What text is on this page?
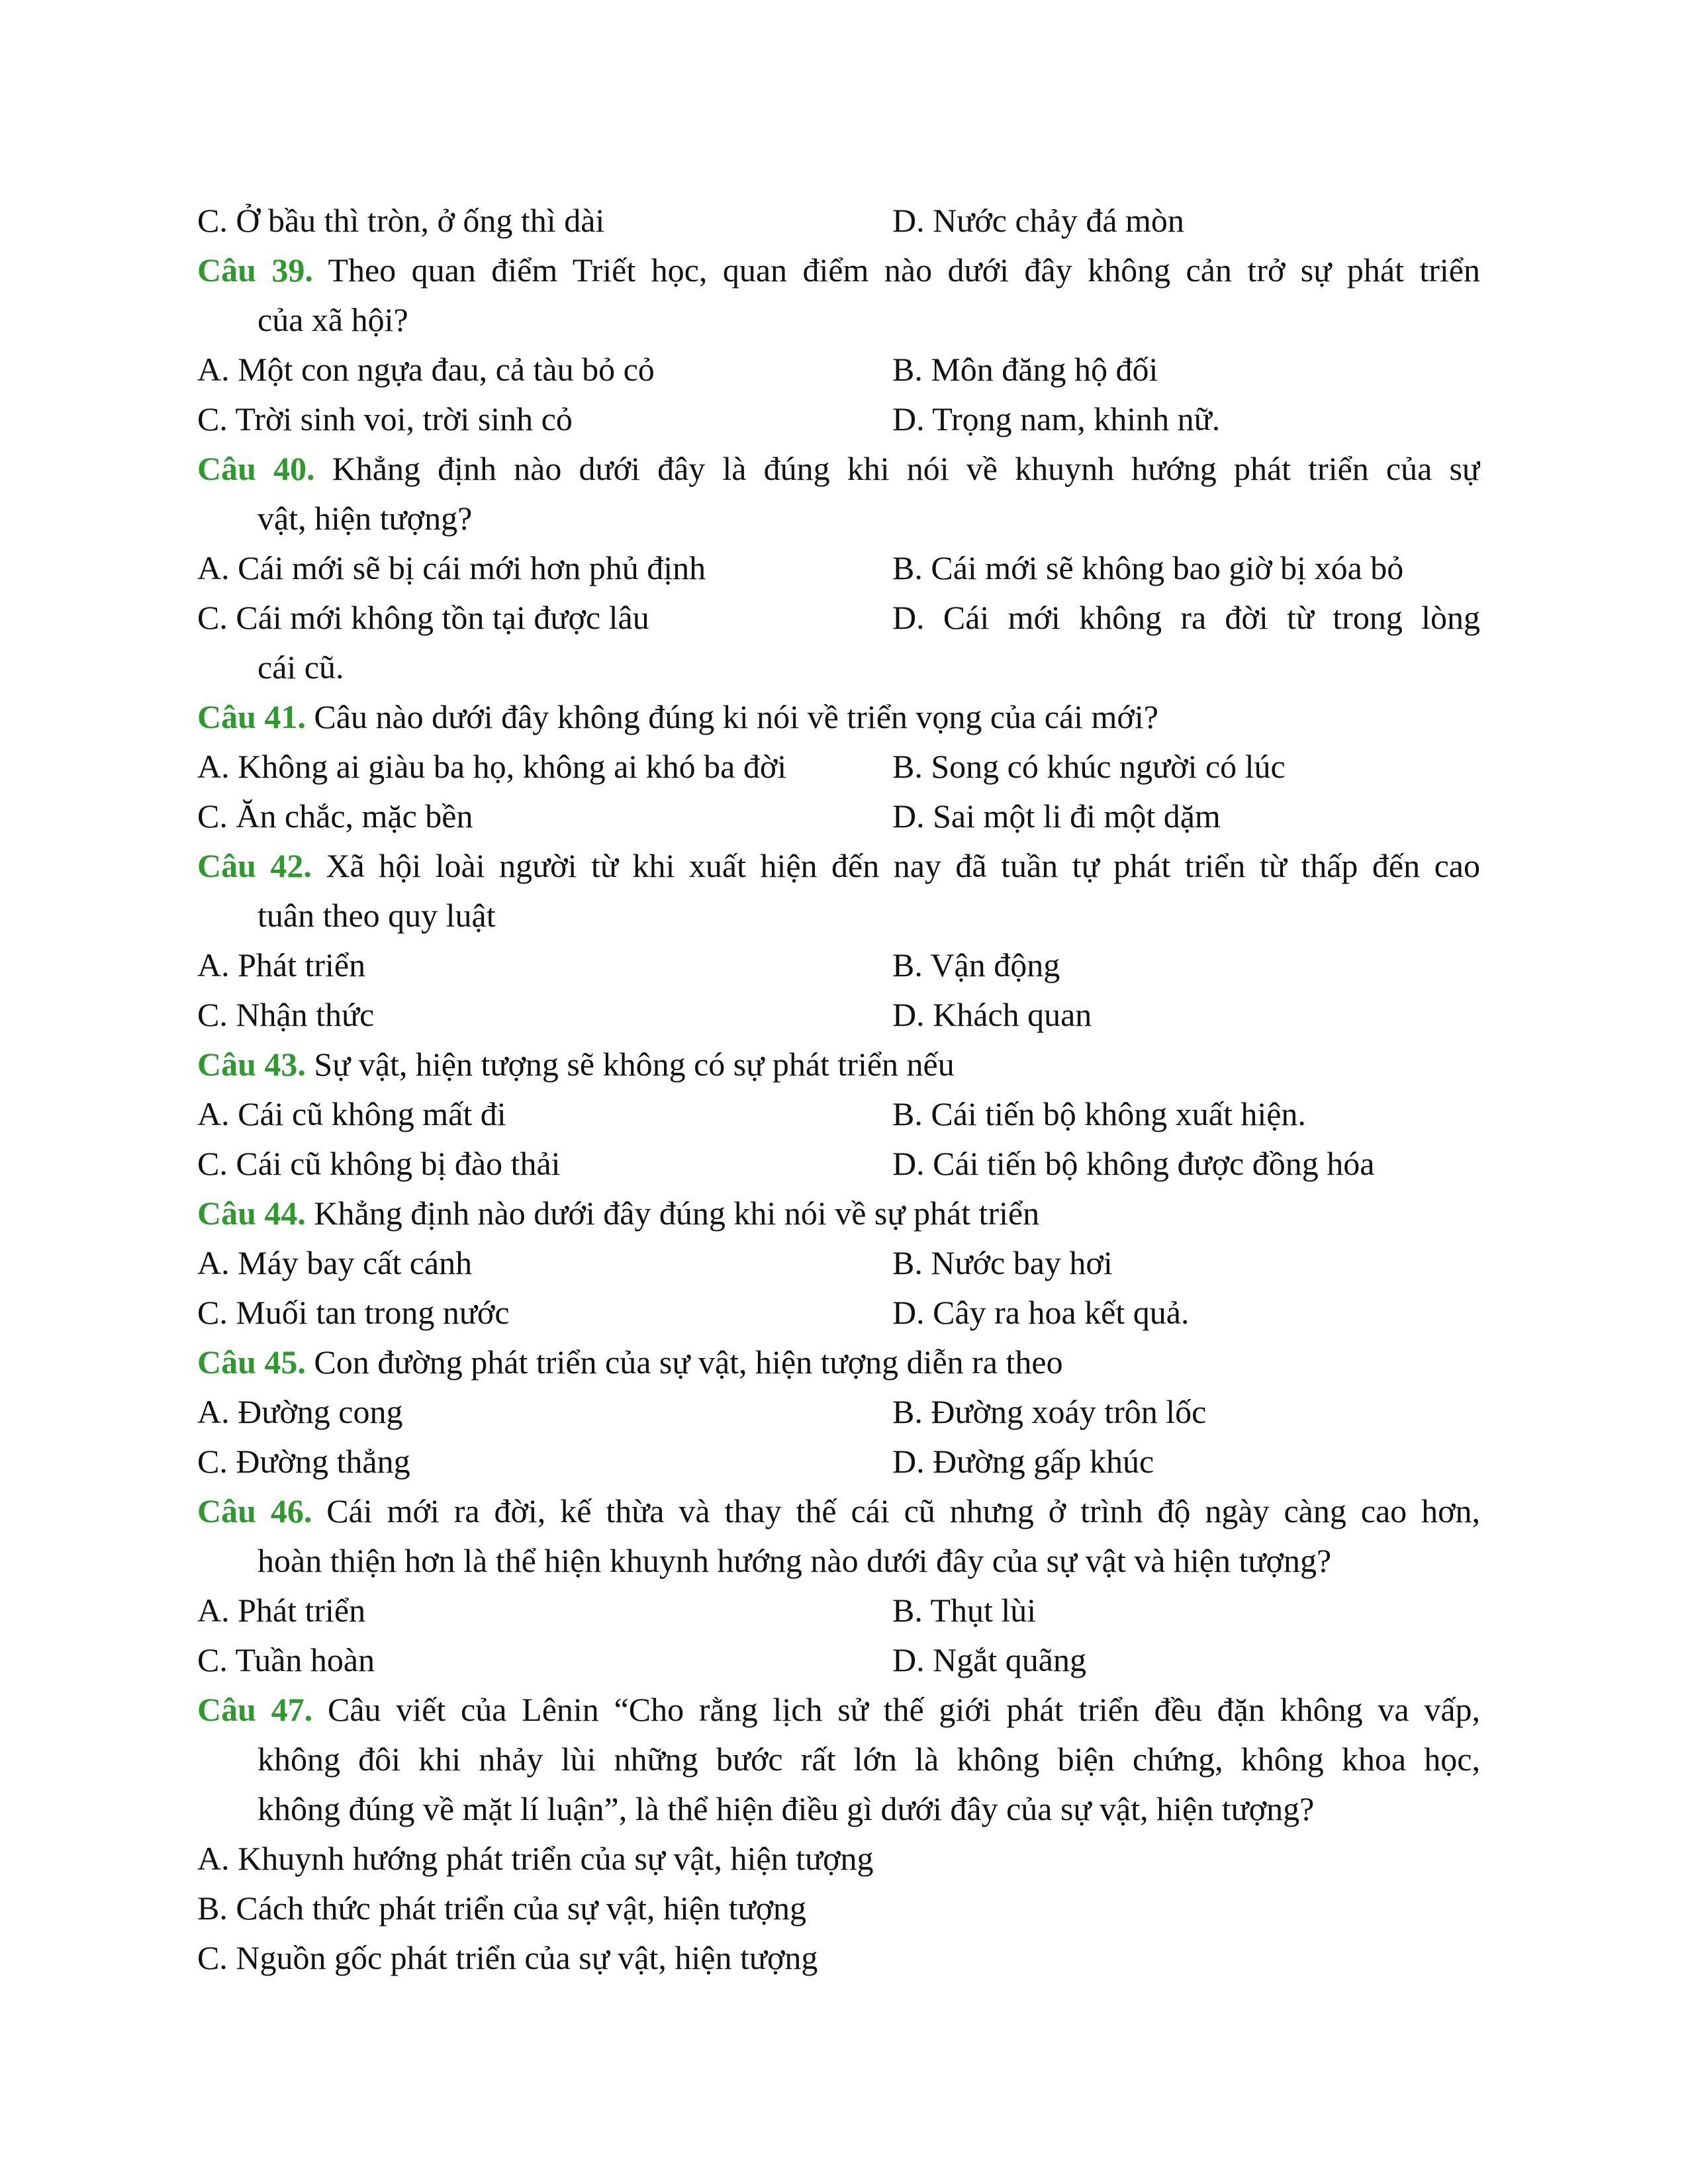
C. Ở bầu thì tròn, ở ống thì dài	D. Nước chảy đá mòn
Câu 39. Theo quan điểm Triết học, quan điểm nào dưới đây không cản trở sự phát triển
của xã hội?
A. Một con ngựa đau, cả tàu bỏ cỏ	B. Môn đăng hộ đối
C. Trời sinh voi, trời sinh cỏ	D. Trọng nam, khinh nữ.
Câu 40. Khẳng định nào dưới đây là đúng khi nói về khuynh hướng phát triển của sự
vật, hiện tượng?
A. Cái mới sẽ bị cái mới hơn phủ định	B. Cái mới sẽ không bao giờ bị xóa bỏ
C. Cái mới không tồn tại được lâu	D. Cái mới không ra đời từ trong lòng
cái cũ.
Câu 41. Câu nào dưới đây không đúng ki nói về triển vọng của cái mới?
A. Không ai giàu ba họ, không ai khó ba đời	B. Song có khúc người có lúc
C. Ăn chắc, mặc bền	D. Sai một li đi một dặm
Câu 42. Xã hội loài người từ khi xuất hiện đến nay đã tuần tự phát triển từ thấp đến cao
tuân theo quy luật
A. Phát triển	B. Vận động
C. Nhận thức	D. Khách quan
Câu 43. Sự vật, hiện tượng sẽ không có sự phát triển nếu
A. Cái cũ không mất đi	B. Cái tiến bộ không xuất hiện.
C. Cái cũ không bị đào thải	D. Cái tiến bộ không được đồng hóa
Câu 44. Khẳng định nào dưới đây đúng khi nói về sự phát triển
A. Máy bay cất cánh	B. Nước bay hơi
C. Muối tan trong nước	D. Cây ra hoa kết quả.
Câu 45. Con đường phát triển của sự vật, hiện tượng diễn ra theo
A. Đường cong	B. Đường xoáy trôn lốc
C. Đường thẳng	D. Đường gấp khúc
Câu 46. Cái mới ra đời, kế thừa và thay thế cái cũ nhưng ở trình độ ngày càng cao hơn,
hoàn thiện hơn là thể hiện khuynh hướng nào dưới đây của sự vật và hiện tượng?
A. Phát triển	B. Thụt lùi
C. Tuần hoàn	D. Ngắt quãng
Câu 47. Câu viết của Lênin “Cho rằng lịch sử thế giới phát triển đều đặn không va vấp,
không đôi khi nhảy lùi những bước rất lớn là không biện chứng, không khoa học,
không đúng về mặt lí luận”, là thể hiện điều gì dưới đây của sự vật, hiện tượng?
A. Khuynh hướng phát triển của sự vật, hiện tượng
B. Cách thức phát triển của sự vật, hiện tượng
C. Nguồn gốc phát triển của sự vật, hiện tượng
